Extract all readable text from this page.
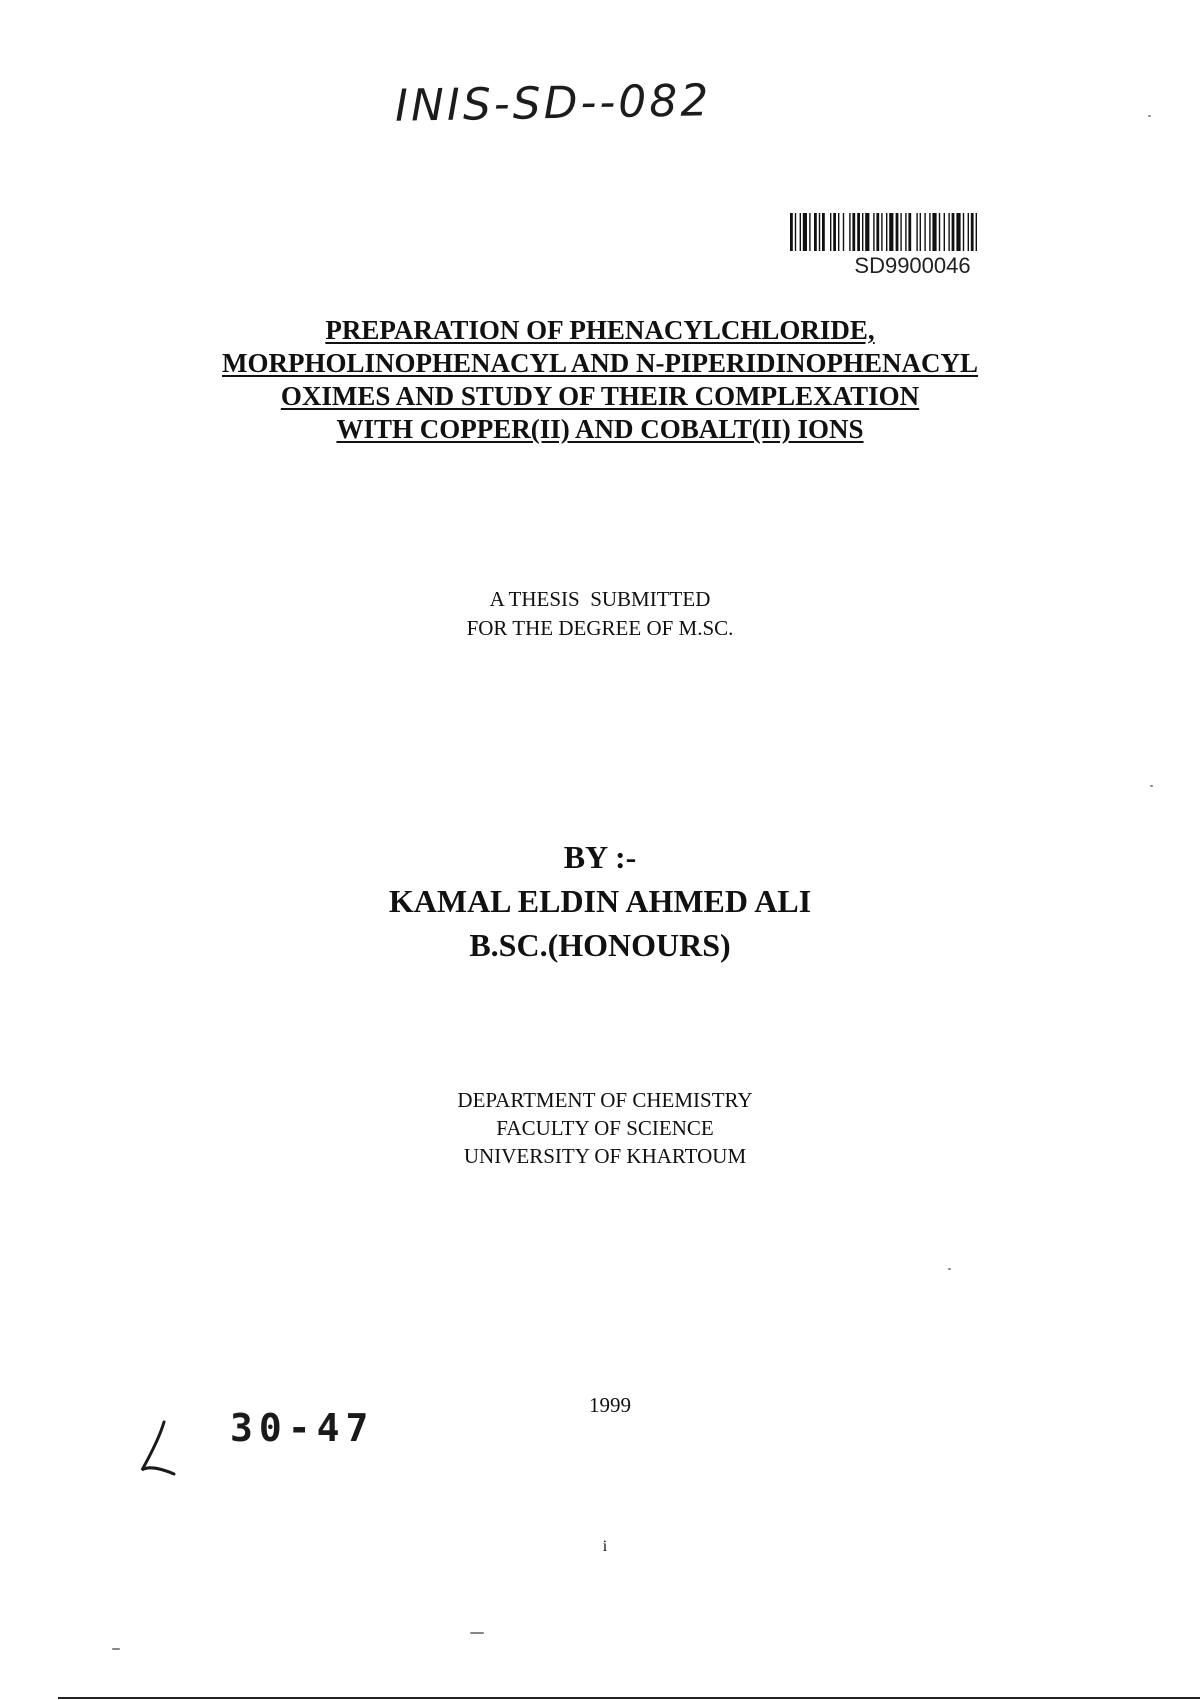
INIS-SD--082
SD9900046
PREPARATION OF PHENACYLCHLORIDE,
MORPHOLINOPHENACYL AND N-PIPERIDINOPHENACYL
OXIMES AND STUDY OF THEIR COMPLEXATION
WITH COPPER(II) AND COBALT(II) IONS
A THESIS  SUBMITTED
FOR THE DEGREE OF M.SC.
BY :-
KAMAL ELDIN AHMED ALI
B.SC.(HONOURS)
DEPARTMENT OF CHEMISTRY
FACULTY OF SCIENCE
UNIVERSITY OF KHARTOUM
1999
30-47
i
